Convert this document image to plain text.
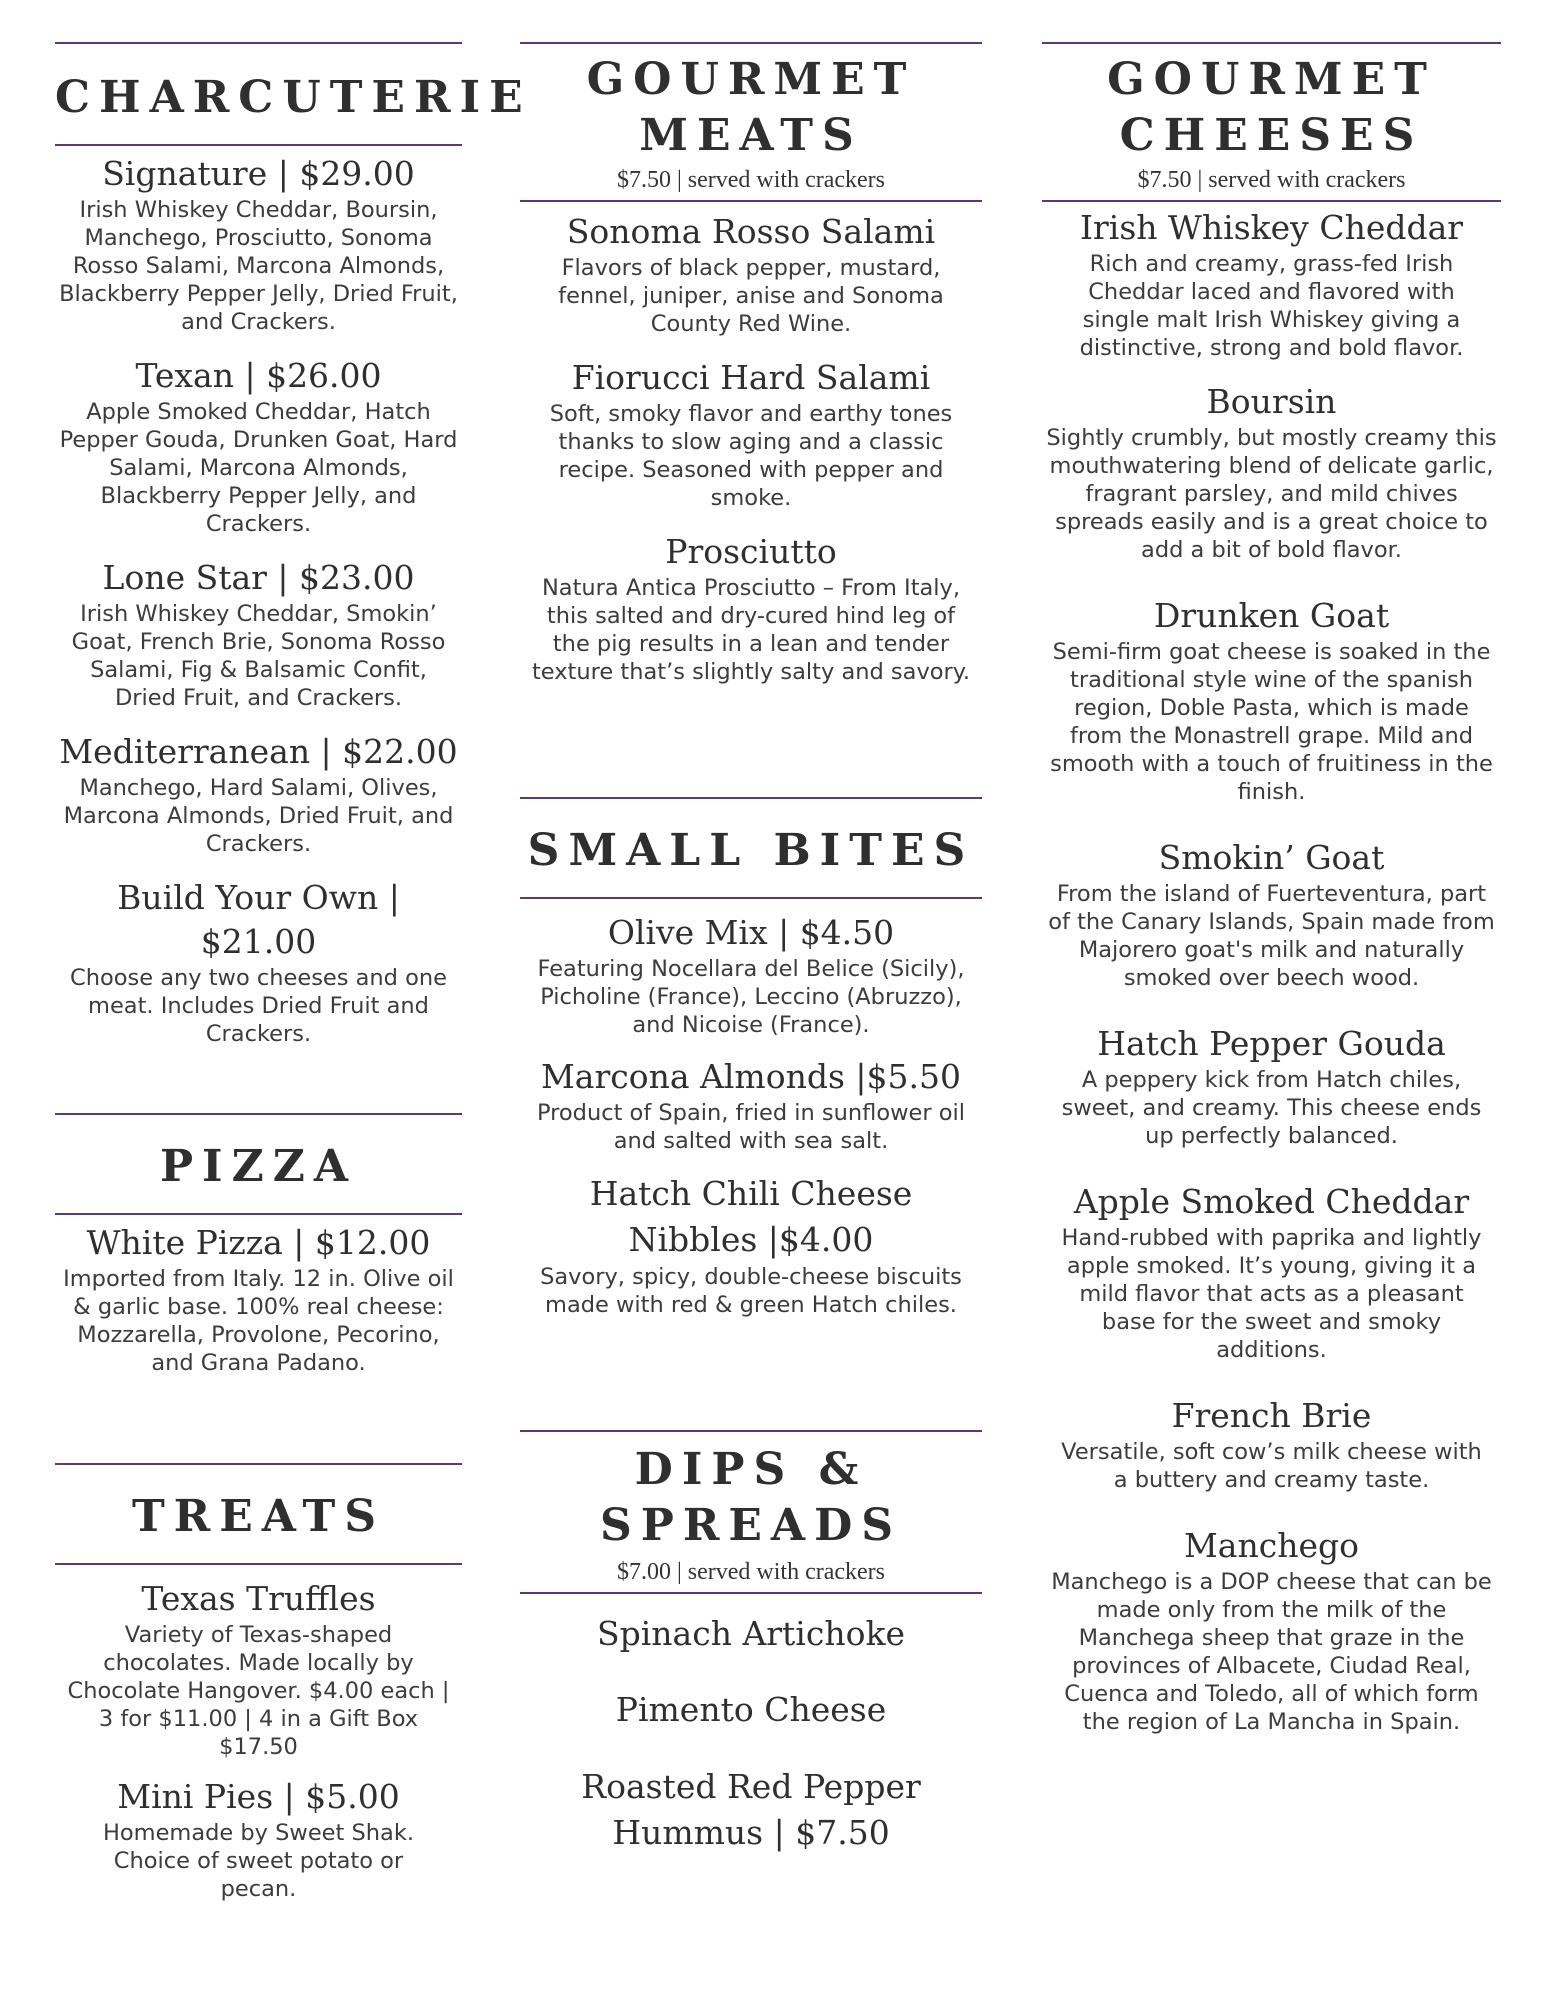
CHARCUTERIE

Signature | $29.00

Irish Whiskey Cheddar, Boursin, Manchego, Prosciutto, Sonoma Rosso Salami, Marcona Almonds, Blackberry Pepper Jelly, Dried Fruit, and Crackers.

Texan | $26.00

Apple Smoked Cheddar, Hatch Pepper Gouda, Drunken Goat, Hard Salami, Marcona Almonds, Blackberry Pepper Jelly, and Crackers.

Lone Star | $23.00

Irish Whiskey Cheddar, Smokin’ Goat, French Brie, Sonoma Rosso Salami, Fig & Balsamic Confit, Dried Fruit, and Crackers.

Mediterranean | $22.00

Manchego, Hard Salami, Olives, Marcona Almonds, Dried Fruit, and Crackers.

Build Your Own | $21.00

Choose any two cheeses and one meat. Includes Dried Fruit and Crackers.

PIZZA

White Pizza | $12.00

Imported from Italy. 12 in. Olive oil & garlic base. 100% real cheese: Mozzarella, Provolone, Pecorino, and Grana Padano.

TREATS

Texas Truffles

Variety of Texas-shaped chocolates. Made locally by Chocolate Hangover. $4.00 each | 3 for $11.00 | 4 in a Gift Box $17.50

Mini Pies | $5.00

Homemade by Sweet Shak. Choice of sweet potato or pecan.

GOURMET
MEATS

$7.50 | served with crackers

Sonoma Rosso Salami

Flavors of black pepper, mustard, fennel, juniper, anise and Sonoma County Red Wine.

Fiorucci Hard Salami

Soft, smoky flavor and earthy tones thanks to slow aging and a classic recipe. Seasoned with pepper and smoke.

Prosciutto

Natura Antica Prosciutto – From Italy, this salted and dry-cured hind leg of the pig results in a lean and tender texture that’s slightly salty and savory.

SMALL BITES

Olive Mix | $4.50

Featuring Nocellara del Belice (Sicily), Picholine (France), Leccino (Abruzzo), and Nicoise (France).

Marcona Almonds |$5.50

Product of Spain, fried in sunflower oil and salted with sea salt.

Hatch Chili Cheese Nibbles |$4.00

Savory, spicy, double-cheese biscuits made with red & green Hatch chiles.

DIPS &
SPREADS

$7.00 | served with crackers

Spinach Artichoke

Pimento Cheese

Roasted Red Pepper Hummus | $7.50

GOURMET
CHEESES

$7.50 | served with crackers

Irish Whiskey Cheddar

Rich and creamy, grass-fed Irish Cheddar laced and flavored with single malt Irish Whiskey giving a distinctive, strong and bold flavor.

Boursin

Sightly crumbly, but mostly creamy this mouthwatering blend of delicate garlic, fragrant parsley, and mild chives spreads easily and is a great choice to add a bit of bold flavor.

Drunken Goat

Semi-firm goat cheese is soaked in the traditional style wine of the spanish region, Doble Pasta, which is made from the Monastrell grape. Mild and smooth with a touch of fruitiness in the finish.

Smokin’ Goat

From the island of Fuerteventura, part of the Canary Islands, Spain made from Majorero goat's milk and naturally smoked over beech wood.

Hatch Pepper Gouda

A peppery kick from Hatch chiles, sweet, and creamy. This cheese ends up perfectly balanced.

Apple Smoked Cheddar

Hand-rubbed with paprika and lightly apple smoked. It’s young, giving it a mild flavor that acts as a pleasant base for the sweet and smoky additions.

French Brie

Versatile, soft cow’s milk cheese with a buttery and creamy taste.

Manchego

Manchego is a DOP cheese that can be made only from the milk of the Manchega sheep that graze in the provinces of Albacete, Ciudad Real, Cuenca and Toledo, all of which form the region of La Mancha in Spain.
